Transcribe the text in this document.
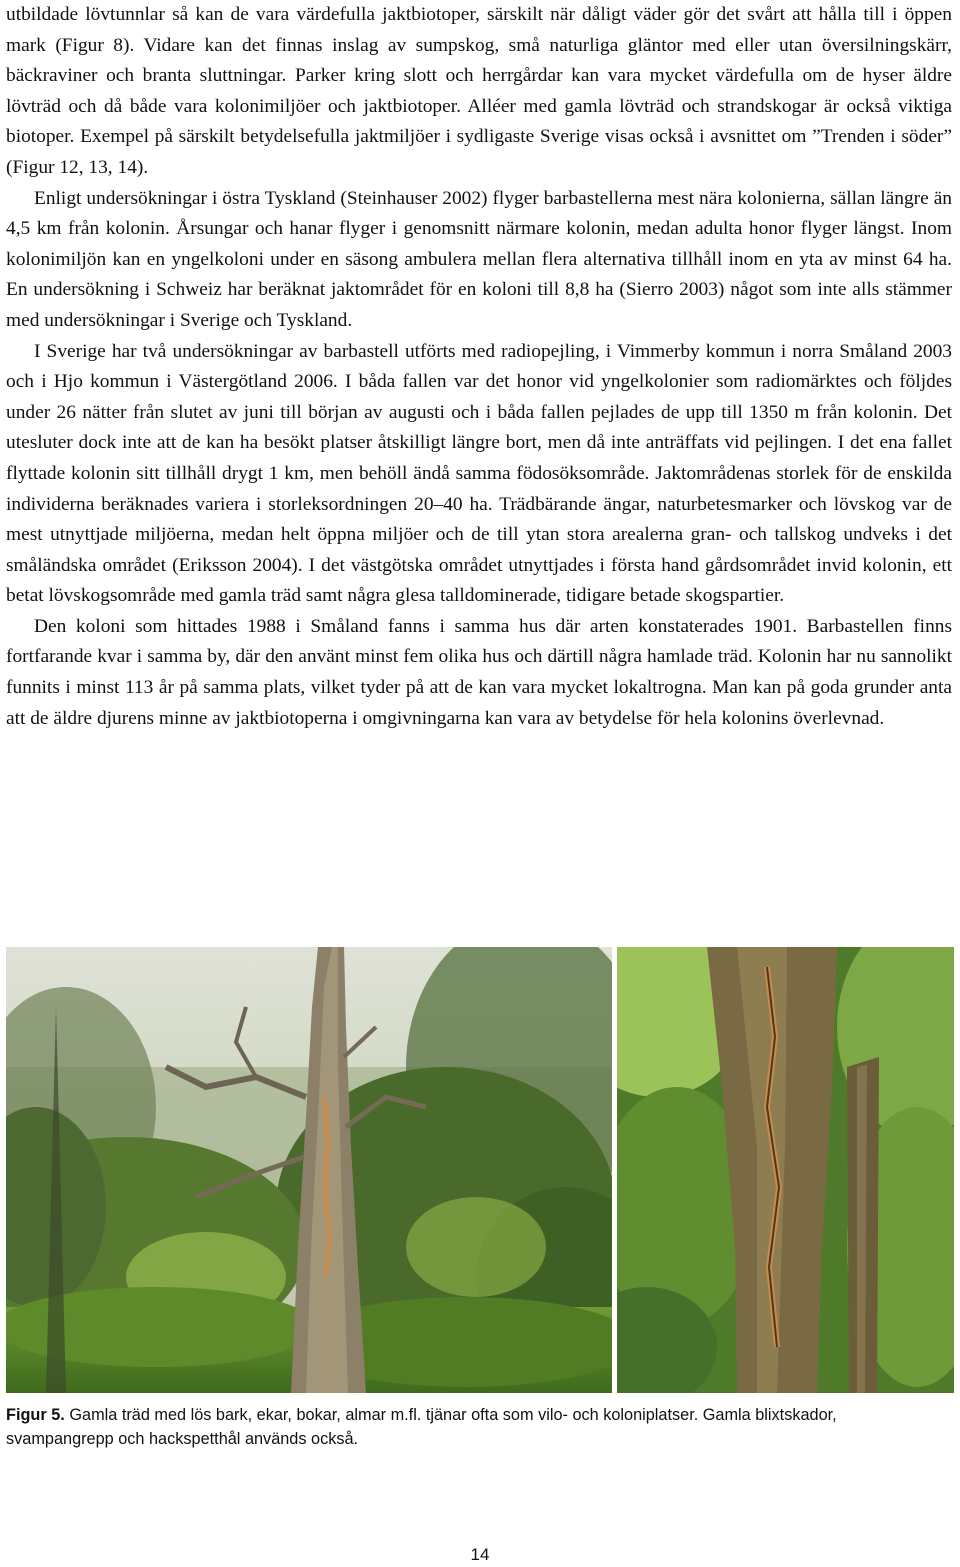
utbildade lövtunnlar så kan de vara värdefulla jaktbiotoper, särskilt när dåligt väder gör det svårt att hålla till i öppen mark (Figur 8). Vidare kan det finnas inslag av sumpskog, små naturliga gläntor med eller utan översilningskärr, bäckraviner och branta sluttningar. Parker kring slott och herrgårdar kan vara mycket värdefulla om de hyser äldre lövträd och då både vara kolonimiljöer och jaktbiotoper. Alléer med gamla lövträd och strandskogar är också viktiga biotoper. Exempel på särskilt betydelsefulla jaktmiljöer i sydligaste Sverige visas också i avsnittet om ”Trenden i söder” (Figur 12, 13, 14).

Enligt undersökningar i östra Tyskland (Steinhauser 2002) flyger barbastellerna mest nära kolonierna, sällan längre än 4,5 km från kolonin. Årsungar och hanar flyger i genomsnitt närmare kolonin, medan adulta honor flyger längst. Inom kolonimiljön kan en yngelkoloni under en säsong ambulera mellan flera alternativa tillhåll inom en yta av minst 64 ha. En undersökning i Schweiz har beräknat jaktområdet för en koloni till 8,8 ha (Sierro 2003) något som inte alls stämmer med undersökningar i Sverige och Tyskland.

I Sverige har två undersökningar av barbastell utförts med radiopejling, i Vimmerby kommun i norra Småland 2003 och i Hjo kommun i Västergötland 2006. I båda fallen var det honor vid yngelkolonier som radiomärktes och följdes under 26 nätter från slutet av juni till början av augusti och i båda fallen pejlades de upp till 1350 m från kolonin. Det utesluter dock inte att de kan ha besökt platser åtskilligt längre bort, men då inte anträffats vid pejlingen. I det ena fallet flyttade kolonin sitt tillhåll drygt 1 km, men behöll ändå samma födosöksområde. Jaktområdenas storlek för de enskilda individerna beräknades variera i storleksordningen 20–40 ha. Trädbärande ängar, naturbetesmarker och lövskog var de mest utnyttjade miljöerna, medan helt öppna miljöer och de till ytan stora arealerna gran- och tallskog undveks i det småländska området (Eriksson 2004). I det västgötska området utnyttjades i första hand gårdsområdet invid kolonin, ett betat lövskogsområde med gamla träd samt några glesa talldominerade, tidigare betade skogspartier.

Den koloni som hittades 1988 i Småland fanns i samma hus där arten konstaterades 1901. Barbastellen finns fortfarande kvar i samma by, där den använt minst fem olika hus och därtill några hamlade träd. Kolonin har nu sannolikt funnits i minst 113 år på samma plats, vilket tyder på att de kan vara mycket lokaltrogna. Man kan på goda grunder anta att de äldre djurens minne av jaktbiotoperna i omgivningarna kan vara av betydelse för hela kolonins överlevnad.

Figur 5. Gamla träd med lös bark, ekar, bokar, almar m.fl. tjänar ofta som vilo- och koloniplatser. Gamla blixtskador, svampangrepp och hackspetthål används också.
14
